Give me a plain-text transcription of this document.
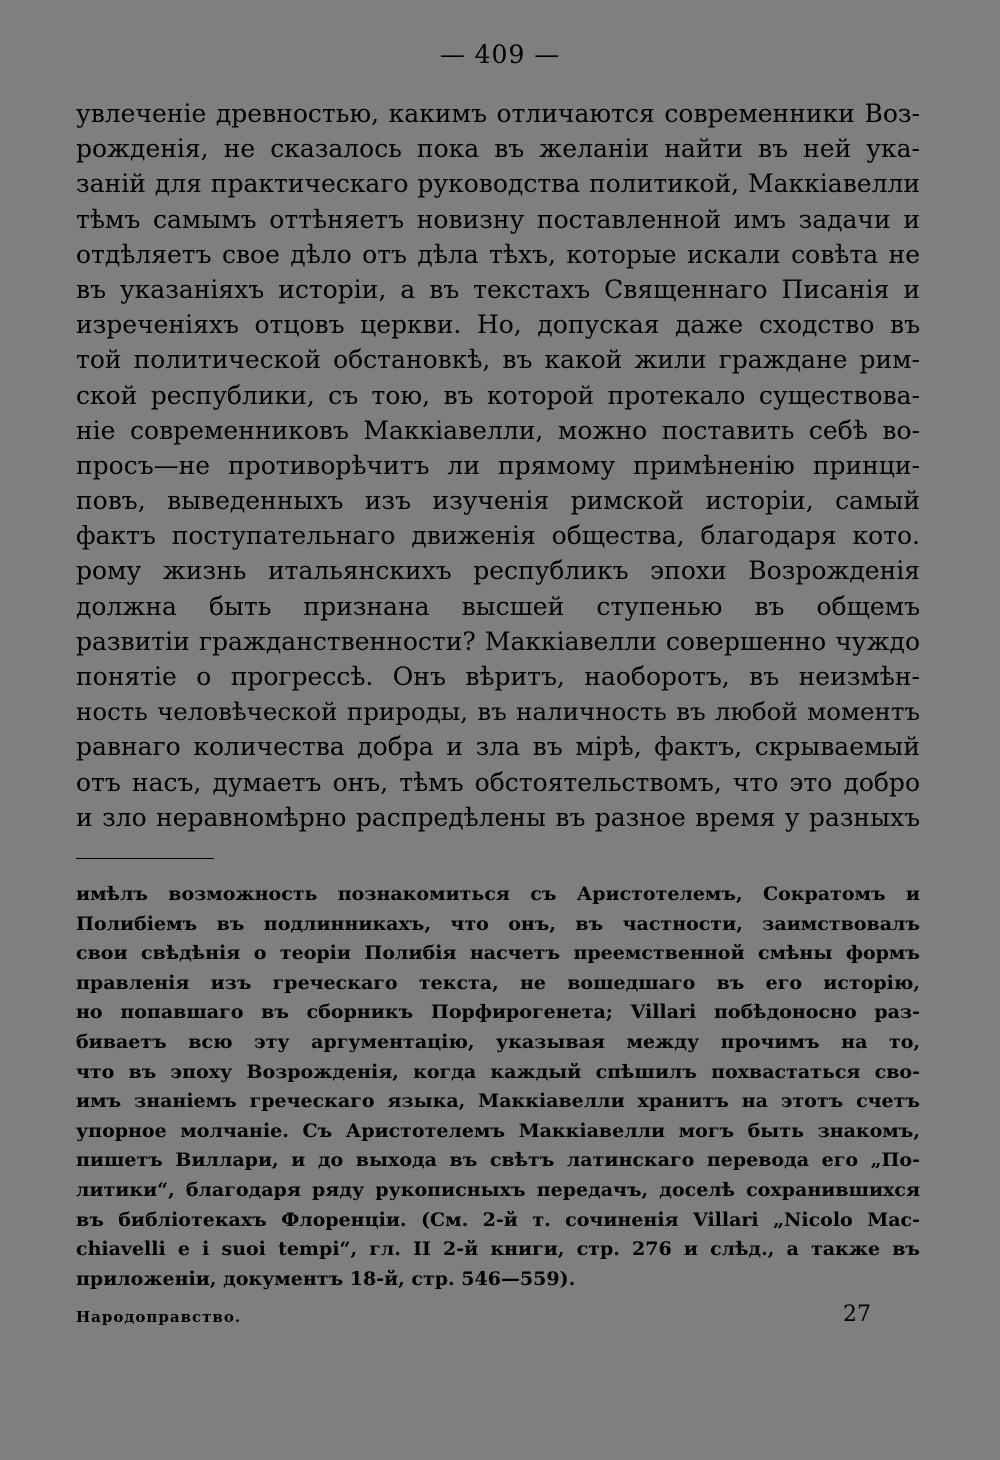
— 409 —
увлеченіе древностью, какимъ отличаются современники Воз-
рожденія, не сказалось пока въ желаніи найти въ ней ука-
заній для практическаго руководства политикой, Маккіавелли
тѣмъ самымъ оттѣняетъ новизну поставленной имъ задачи и
отдѣляетъ свое дѣло отъ дѣла тѣхъ, которые искали совѣта не
въ указаніяхъ исторіи, а въ текстахъ Священнаго Писанія и
изреченіяхъ отцовъ церкви. Но, допуская даже сходство въ
той политической обстановкѣ, въ какой жили граждане рим-
ской республики, съ тою, въ которой протекало существова-
ніе современниковъ Маккіавелли, можно поставить себѣ во-
просъ—не противорѣчитъ ли прямому примѣненію принци-
повъ, выведенныхъ изъ изученія римской исторіи, самый
фактъ поступательнаго движенія общества, благодаря кото.
рому жизнь итальянскихъ республикъ эпохи Возрожденія
должна быть признана высшей ступенью въ общемъ
развитіи гражданственности? Маккіавелли совершенно чуждо
понятіе о прогрессѣ. Онъ вѣритъ, наоборотъ, въ неизмѣн-
ность человѣческой природы, въ наличность въ любой моментъ
равнаго количества добра и зла въ мірѣ, фактъ, скрываемый
отъ насъ, думаетъ онъ, тѣмъ обстоятельствомъ, что это добро
и зло неравномѣрно распредѣлены въ разное время у разныхъ
имѣлъ возможность познакомиться съ Аристотелемъ, Сократомъ и
Полибіемъ въ подлинникахъ, что онъ, въ частности, заимствовалъ
свои свѣдѣнія о теоріи Полибія насчетъ преемственной смѣны формъ
правленія изъ греческаго текста, не вошедшаго въ его исторію,
но попавшаго въ сборникъ Порфирогенета; Villari побѣдоносно раз-
биваетъ всю эту аргументацію, указывая между прочимъ на то,
что въ эпоху Возрожденія, когда каждый спѣшилъ похвастаться сво-
имъ знаніемъ греческаго языка, Маккіавелли хранитъ на этотъ счетъ
упорное молчаніе. Съ Аристотелемъ Маккіавелли могъ быть знакомъ,
пишетъ Виллари, и до выхода въ свѣтъ латинскаго перевода его „По-
литики“, благодаря ряду рукописныхъ передачъ, доселѣ сохранившихся
въ библіотекахъ Флоренціи. (См. 2-й т. сочиненія Villari „Nicolo Mac-
chiavelli e i suoi tempi“, гл. II 2-й книги, стр. 276 и слѣд., а также въ
приложеніи, документъ 18-й, стр. 546—559).
Народоправство.	27
